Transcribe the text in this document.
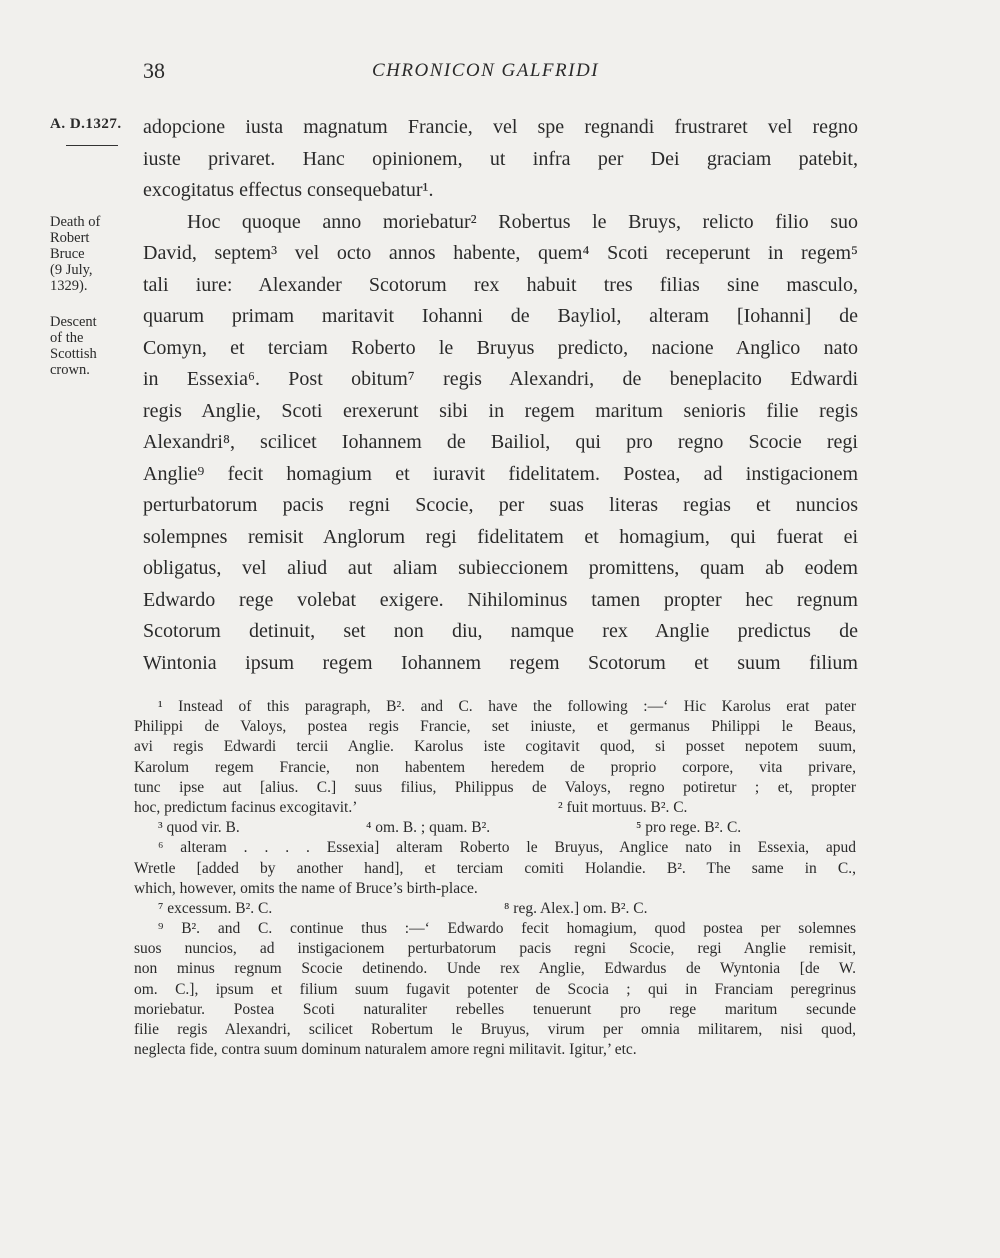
38	CHRONICON GALFRIDI
A. D.1327.
Death of
Robert
Bruce
(9 July,
1329).
Descent
of the
Scottish
crown.
adopcione iusta magnatum Francie, vel spe regnandi frustraret vel regno
iuste privaret. Hanc opinionem, ut infra per Dei graciam patebit,
excogitatus effectus consequebatur¹.
Hoc quoque anno moriebatur² Robertus le Bruys, relicto filio suo
David, septem³ vel octo annos habente, quem⁴ Scoti receperunt in regem⁵
tali iure: Alexander Scotorum rex habuit tres filias sine masculo,
quarum primam maritavit Iohanni de Bayliol, alteram [Iohanni] de
Comyn, et terciam Roberto le Bruyus predicto, nacione Anglico nato
in Essexia⁶. Post obitum⁷ regis Alexandri, de beneplacito Edwardi
regis Anglie, Scoti erexerunt sibi in regem maritum senioris filie regis
Alexandri⁸, scilicet Iohannem de Bailiol, qui pro regno Scocie regi
Anglie⁹ fecit homagium et iuravit fidelitatem. Postea, ad instigacionem
perturbatorum pacis regni Scocie, per suas literas regias et nuncios
solempnes remisit Anglorum regi fidelitatem et homagium, qui fuerat ei
obligatus, vel aliud aut aliam subieccionem promittens, quam ab eodem
Edwardo rege volebat exigere. Nihilominus tamen propter hec regnum
Scotorum detinuit, set non diu, namque rex Anglie predictus de
Wintonia ipsum regem Iohannem regem Scotorum et suum filium
¹ Instead of this paragraph, B². and C. have the following :—‘ Hic Karolus erat pater
Philippi de Valoys, postea regis Francie, set iniuste, et germanus Philippi le Beaus,
avi regis Edwardi tercii Anglie. Karolus iste cogitavit quod, si posset nepotem suum,
Karolum regem Francie, non habentem heredem de proprio corpore, vita privare,
tunc ipse aut [alius. C.] suus filius, Philippus de Valoys, regno potiretur ; et, propter
hoc, predictum facinus excogitavit.’	² fuit mortuus. B². C.
³ quod vir. B.	⁴ om. B. ; quam. B².	⁵ pro rege. B². C.
⁶ alteram . . . . Essexia] alteram Roberto le Bruyus, Anglice nato in Essexia, apud
Wretle [added by another hand], et terciam comiti Holandie. B². The same in C.,
which, however, omits the name of Bruce’s birth-place.
⁷ excessum. B². C.	⁸ reg. Alex.] om. B². C.
⁹ B². and C. continue thus :—‘ Edwardo fecit homagium, quod postea per solemnes
suos nuncios, ad instigacionem perturbatorum pacis regni Scocie, regi Anglie remisit,
non minus regnum Scocie detinendo. Unde rex Anglie, Edwardus de Wyntonia [de W.
om. C.], ipsum et filium suum fugavit potenter de Scocia ; qui in Franciam peregrinus
moriebatur. Postea Scoti naturaliter rebelles tenuerunt pro rege maritum secunde
filie regis Alexandri, scilicet Robertum le Bruyus, virum per omnia militarem, nisi quod,
neglecta fide, contra suum dominum naturalem amore regni militavit. Igitur,’ etc.
